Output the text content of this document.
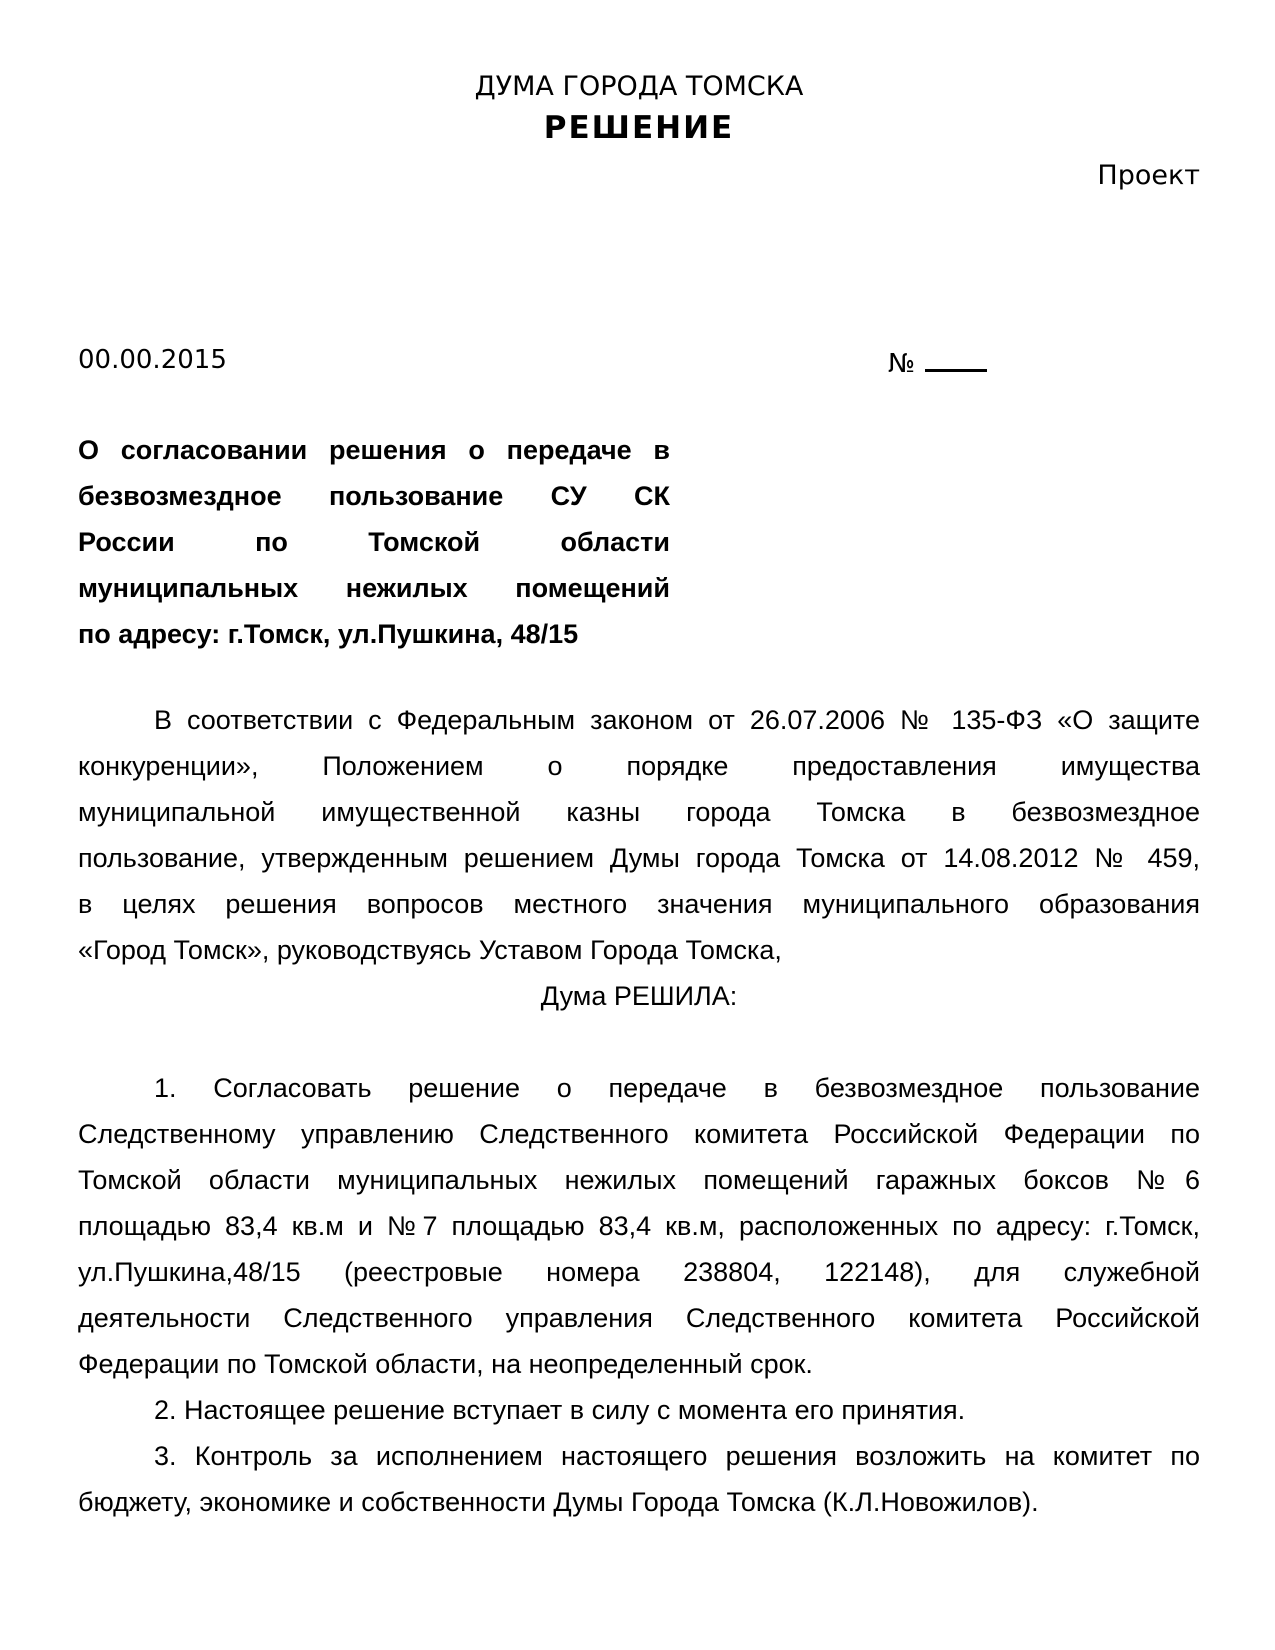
ДУМА ГОРОДА ТОМСКА
РЕШЕНИЕ
Проект
00.00.2015	№
О согласовании решения о передаче в
безвозмездное пользование СУ СК
России по Томской области
муниципальных нежилых помещений
по адресу: г.Томск, ул.Пушкина, 48/15
В соответствии с Федеральным законом от 26.07.2006 № 135-ФЗ «О защите
конкуренции», Положением о порядке предоставления имущества
муниципальной имущественной казны города Томска в безвозмездное
пользование, утвержденным решением Думы города Томска от 14.08.2012 № 459,
в целях решения вопросов местного значения муниципального образования
«Город Томск», руководствуясь Уставом Города Томска,
Дума РЕШИЛА:
1. Согласовать решение о передаче в безвозмездное пользование
Следственному управлению Следственного комитета Российской Федерации по
Томской области муниципальных нежилых помещений гаражных боксов №6
площадью 83,4 кв.м и №7 площадью 83,4 кв.м, расположенных по адресу: г.Томск,
ул.Пушкина,48/15 (реестровые номера 238804, 122148), для служебной
деятельности Следственного управления Следственного комитета Российской
Федерации по Томской области, на неопределенный срок.
2. Настоящее решение вступает в силу с момента его принятия.
3. Контроль за исполнением настоящего решения возложить на комитет по
бюджету, экономике и собственности Думы Города Томска (К.Л.Новожилов).
